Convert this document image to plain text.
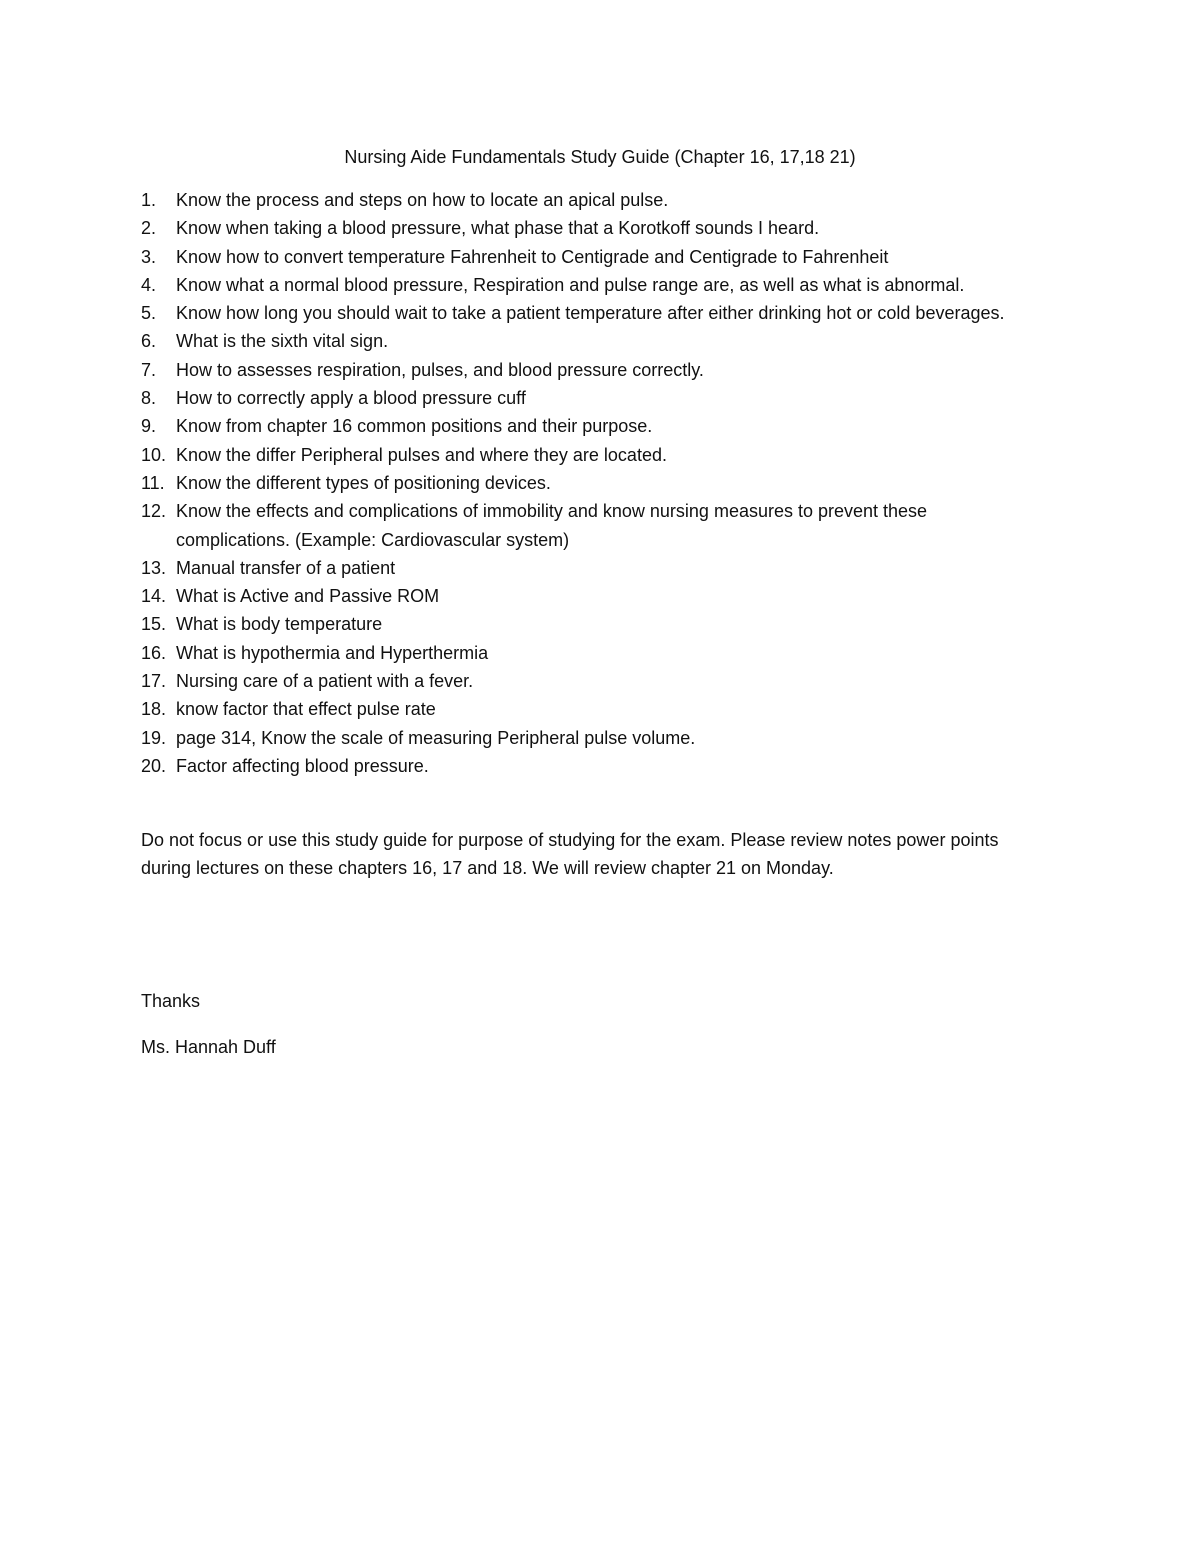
Nursing Aide Fundamentals Study Guide (Chapter 16, 17,18 21)
1.	Know the process and steps on how to locate an apical pulse.
2.	Know when taking a blood pressure, what phase that a Korotkoff sounds I heard.
3.	Know how to convert temperature Fahrenheit to Centigrade and Centigrade to Fahrenheit
4.	Know what a normal blood pressure, Respiration and pulse range are, as well as what is abnormal.
5.	Know how long you should wait to take a patient temperature after either drinking hot or cold beverages.
6.	What is the sixth vital sign.
7.	How to assesses respiration, pulses, and blood pressure correctly.
8.	How to correctly apply a blood pressure cuff
9.	Know from chapter 16 common positions and their purpose.
10. Know the differ Peripheral pulses and where they are located.
11. Know the different types of positioning devices.
12. Know the effects and complications of immobility and know nursing measures to prevent these complications. (Example: Cardiovascular system)
13. Manual transfer of a patient
14. What is Active and Passive ROM
15. What is body temperature
16. What is hypothermia and Hyperthermia
17. Nursing care of a patient with a fever.
18. know factor that effect pulse rate
19. page 314, Know the scale of measuring Peripheral pulse volume.
20. Factor affecting blood pressure.

Do not focus or use this study guide for purpose of studying for the exam. Please review notes power points during lectures on these chapters 16, 17 and 18. We will review chapter 21 on Monday.

Thanks

Ms. Hannah Duff
